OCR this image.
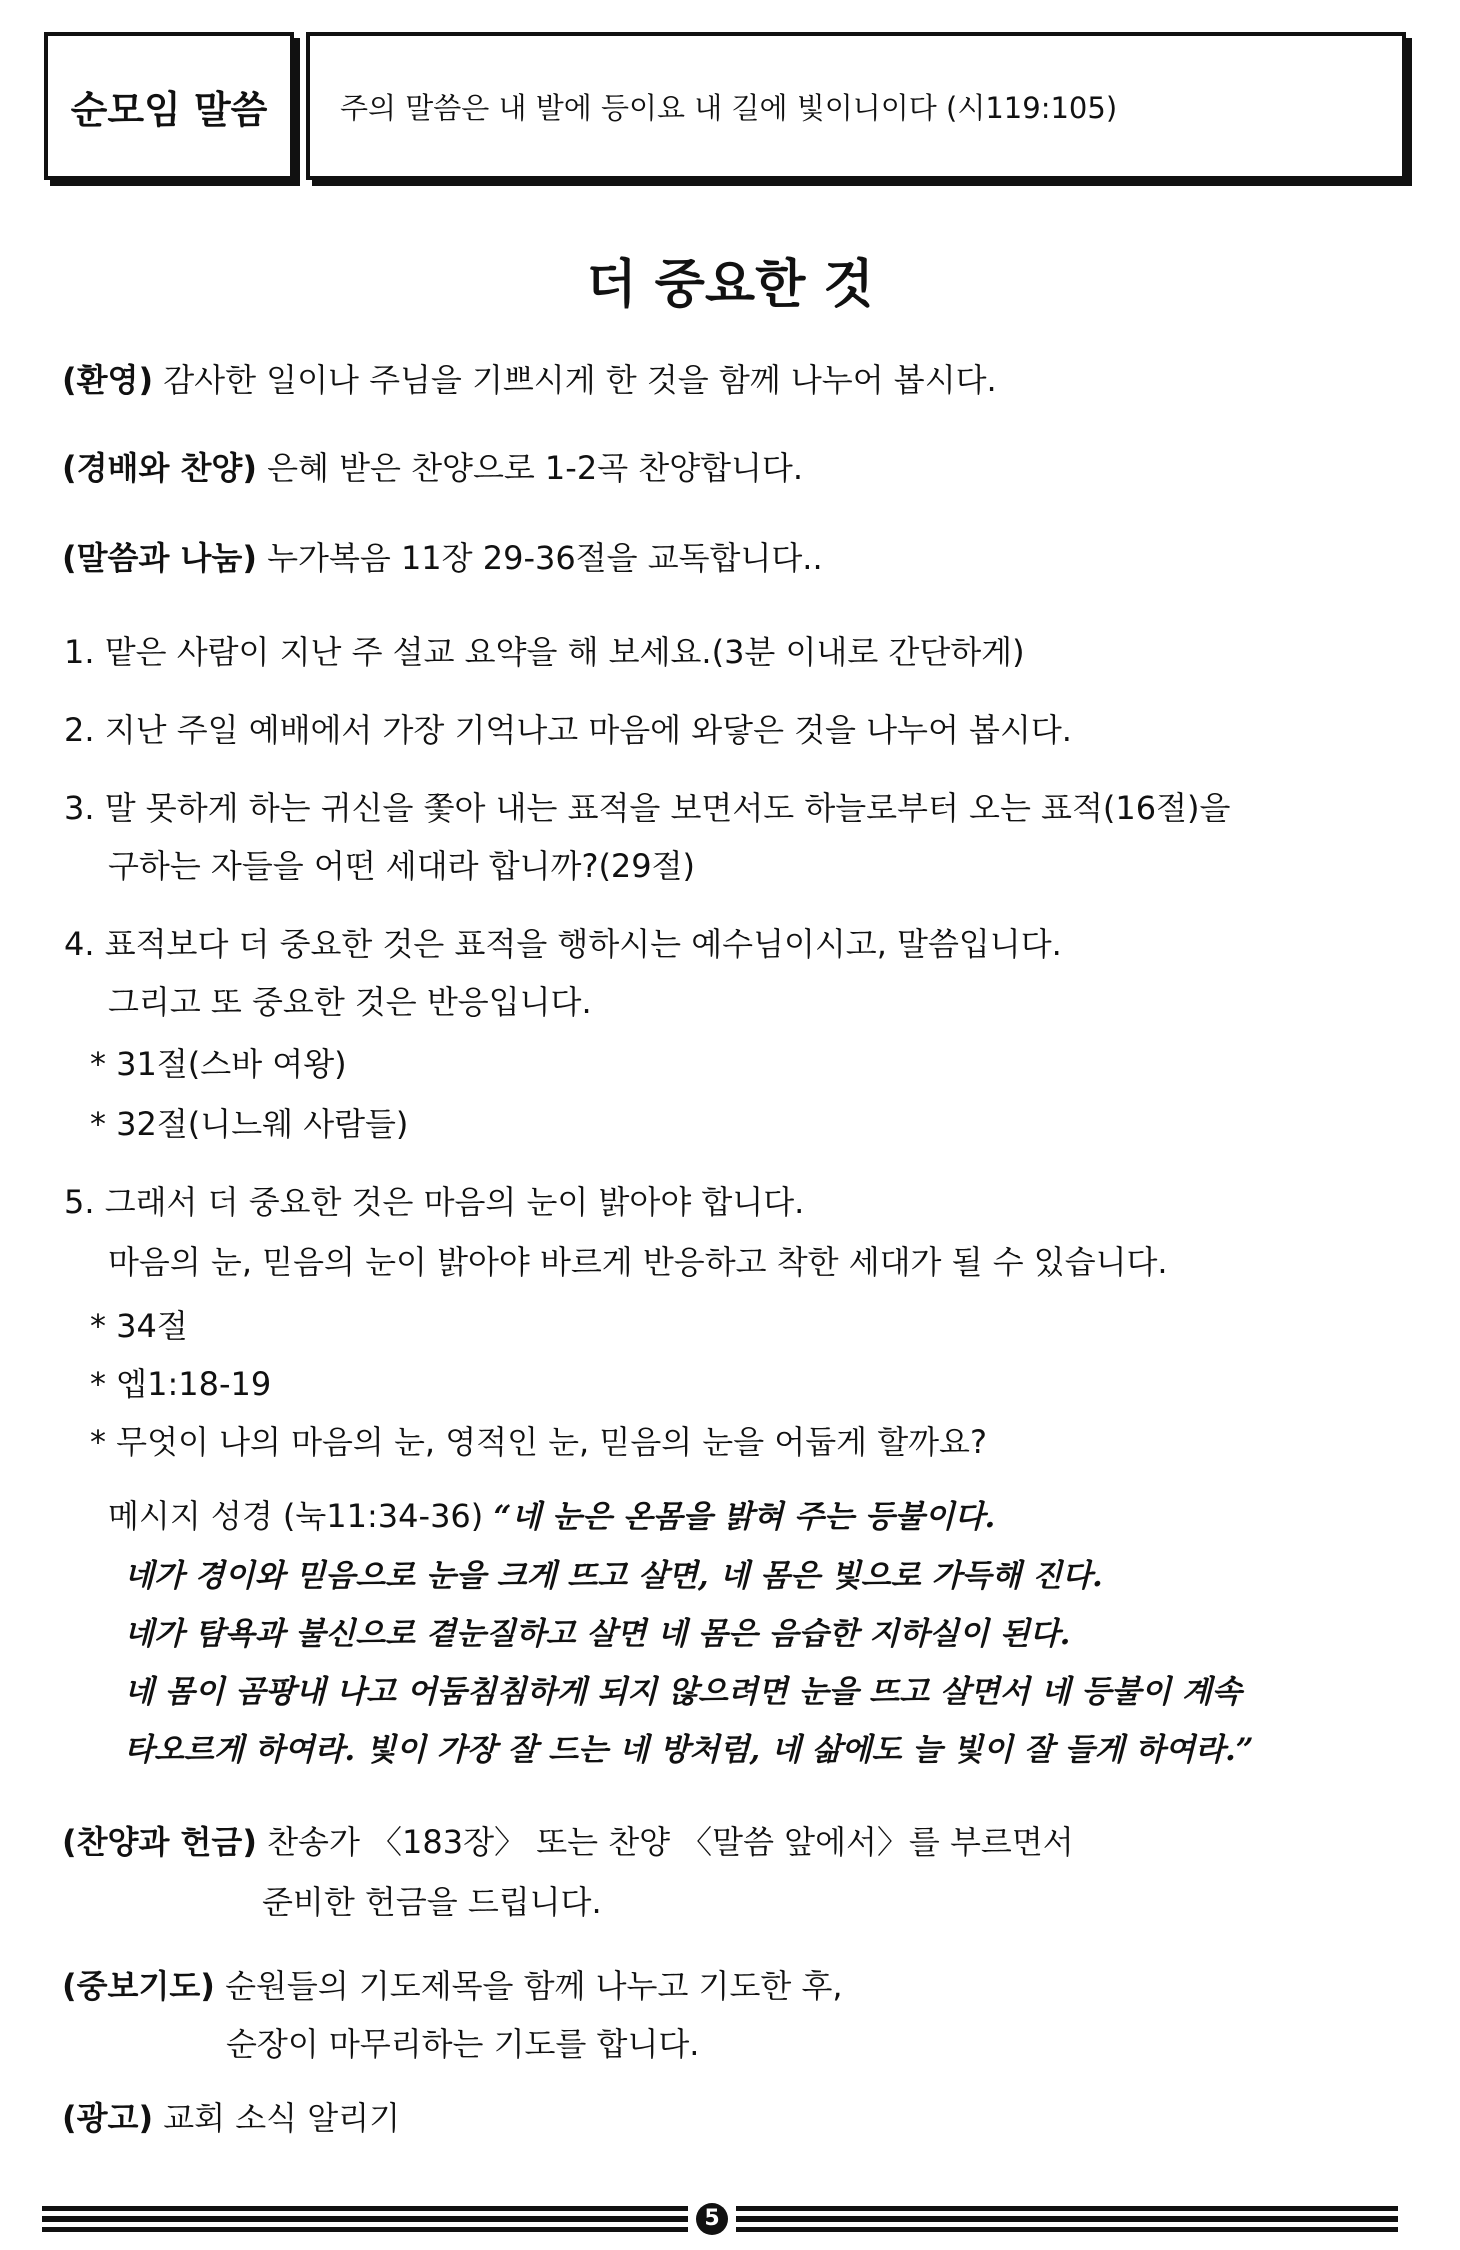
순모임 말씀	주의 말씀은 내 발에 등이요 내 길에 빛이니이다 (시119:105)
더 중요한 것
(환영) 감사한 일이나 주님을 기쁘시게 한 것을 함께 나누어 봅시다.
(경배와 찬양) 은혜 받은 찬양으로 1-2곡 찬양합니다.
(말씀과 나눔) 누가복음 11장 29-36절을 교독합니다..
1. 맡은 사람이 지난 주 설교 요약을 해 보세요.(3분 이내로 간단하게)
2. 지난 주일 예배에서 가장 기억나고 마음에 와닿은 것을 나누어 봅시다.
3. 말 못하게 하는 귀신을 쫓아 내는 표적을 보면서도 하늘로부터 오는 표적(16절)을
구하는 자들을 어떤 세대라 합니까?(29절)
4. 표적보다 더 중요한 것은 표적을 행하시는 예수님이시고, 말씀입니다.
그리고 또 중요한 것은 반응입니다.
* 31절(스바 여왕)
* 32절(니느웨 사람들)
5. 그래서 더 중요한 것은 마음의 눈이 밝아야 합니다.
마음의 눈, 믿음의 눈이 밝아야 바르게 반응하고 착한 세대가 될 수 있습니다.
* 34절
* 엡1:18-19
* 무엇이 나의 마음의 눈, 영적인 눈, 믿음의 눈을 어둡게 할까요?
메시지 성경 (눅11:34-36) “네 눈은 온몸을 밝혀 주는 등불이다.
네가 경이와 믿음으로 눈을 크게 뜨고 살면, 네 몸은 빛으로 가득해 진다.
네가 탐욕과 불신으로 곁눈질하고 살면 네 몸은 음습한 지하실이 된다.
네 몸이 곰팡내 나고 어둠침침하게 되지 않으려면 눈을 뜨고 살면서 네 등불이 계속
타오르게 하여라. 빛이 가장 잘 드는 네 방처럼, 네 삶에도 늘 빛이 잘 들게 하여라.”
(찬양과 헌금) 찬송가 〈183장〉 또는 찬양 〈말씀 앞에서〉를 부르면서
준비한 헌금을 드립니다.
(중보기도) 순원들의 기도제목을 함께 나누고 기도한 후,
순장이 마무리하는 기도를 합니다.
(광고) 교회 소식 알리기
5
